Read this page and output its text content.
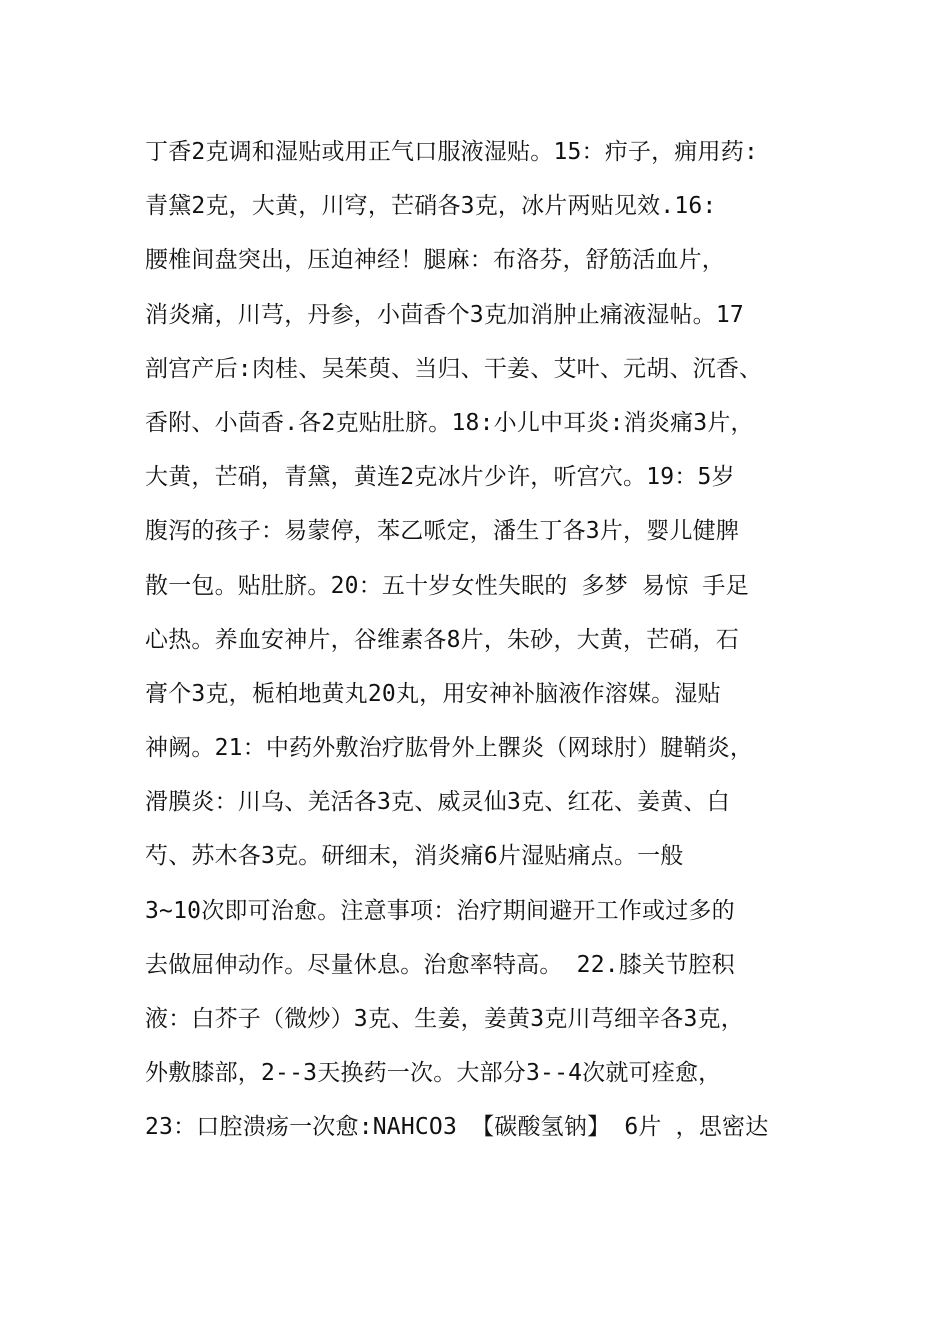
丁香2克调和湿贴或用正气口服液湿贴。15：疖子，痈用药:
青黛2克，大黄，川穹，芒硝各3克，冰片两贴见效.16:
腰椎间盘突出，压迫神经！腿麻：布洛芬，舒筋活血片，
消炎痛，川芎，丹参，小茴香个3克加消肿止痛液湿帖。17
剖宫产后:肉桂、吴茱萸、当归、干姜、艾叶、元胡、沉香、
香附、小茴香.各2克贴肚脐。18:小儿中耳炎:消炎痛3片，
大黄，芒硝，青黛，黄连2克冰片少许，听宫穴。19：5岁
腹泻的孩子：易蒙停，苯乙哌定，潘生丁各3片，婴儿健脾
散一包。贴肚脐。20：五十岁女性失眠的 多梦 易惊 手足
心热。养血安神片，谷维素各8片，朱砂，大黄，芒硝，石
膏个3克，栀柏地黄丸20丸，用安神补脑液作溶媒。湿贴
神阙。21：中药外敷治疗肱骨外上髁炎（网球肘）腱鞘炎，
滑膜炎：川乌、羌活各3克、威灵仙3克、红花、姜黄、白
芍、苏木各3克。研细末，消炎痛6片湿贴痛点。一般
3~10次即可治愈。注意事项：治疗期间避开工作或过多的
去做屈伸动作。尽量休息。治愈率特高。 22.膝关节腔积
液：白芥子（微炒）3克、生姜，姜黄3克川芎细辛各3克，
外敷膝部，2--3天换药一次。大部分3--4次就可痊愈，
23：口腔溃疡一次愈:NAHCO3 【碳酸氢钠】 6片 ，思密达
